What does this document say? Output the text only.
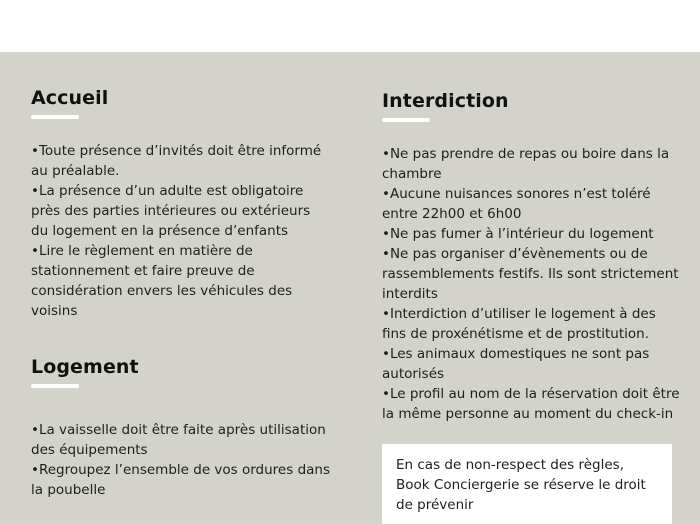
Accueil
•Toute présence d’invités doit être informé au préalable.
•La présence d’un adulte est obligatoire près des parties intérieures ou extérieurs du logement en la présence d’enfants
•Lire le règlement en matière de stationnement et faire preuve de considération envers les véhicules des voisins
Logement
•La vaisselle doit être faite après utilisation des équipements
•Regroupez l’ensemble de vos ordures dans la poubelle
Interdiction
•Ne pas prendre de repas ou boire dans la chambre
•Aucune nuisances sonores n’est toléré entre 22h00 et 6h00
•Ne pas fumer à l’intérieur du logement
•Ne pas organiser d’évènements ou de rassemblements festifs. Ils sont strictement interdits
•Interdiction d’utiliser le logement à des fins de proxénétisme et de prostitution.
•Les animaux domestiques ne sont pas autorisés
•Le profil au nom de la réservation doit être la même personne au moment du check-in

En cas de non-respect des règles, Book Conciergerie se réserve le droit de prévenir
